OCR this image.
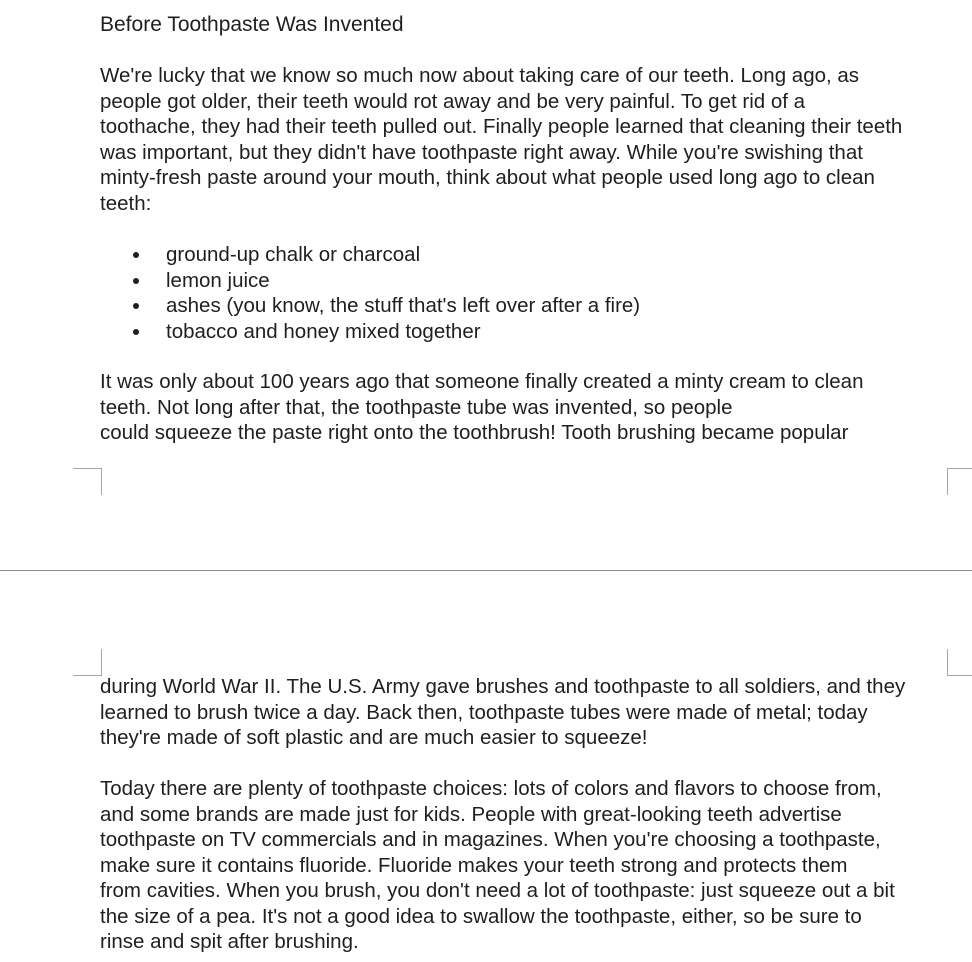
Before Toothpaste Was Invented

We're lucky that we know so much now about taking care of our teeth. Long ago, as
people got older, their teeth would rot away and be very painful. To get rid of a
toothache, they had their teeth pulled out. Finally people learned that cleaning their teeth
was important, but they didn't have toothpaste right away. While you're swishing that
minty-fresh paste around your mouth, think about what people used long ago to clean
teeth:

ground-up chalk or charcoal
lemon juice
ashes (you know, the stuff that's left over after a fire)
tobacco and honey mixed together

It was only about 100 years ago that someone finally created a minty cream to clean
teeth. Not long after that, the toothpaste tube was invented, so people
could squeeze the paste right onto the toothbrush! Tooth brushing became popular

during World War II. The U.S. Army gave brushes and toothpaste to all soldiers, and they
learned to brush twice a day. Back then, toothpaste tubes were made of metal; today
they're made of soft plastic and are much easier to squeeze!

Today there are plenty of toothpaste choices: lots of colors and flavors to choose from,
and some brands are made just for kids. People with great-looking teeth advertise
toothpaste on TV commercials and in magazines. When you're choosing a toothpaste,
make sure it contains fluoride. Fluoride makes your teeth strong and protects them
from cavities. When you brush, you don't need a lot of toothpaste: just squeeze out a bit
the size of a pea. It's not a good idea to swallow the toothpaste, either, so be sure to
rinse and spit after brushing.
